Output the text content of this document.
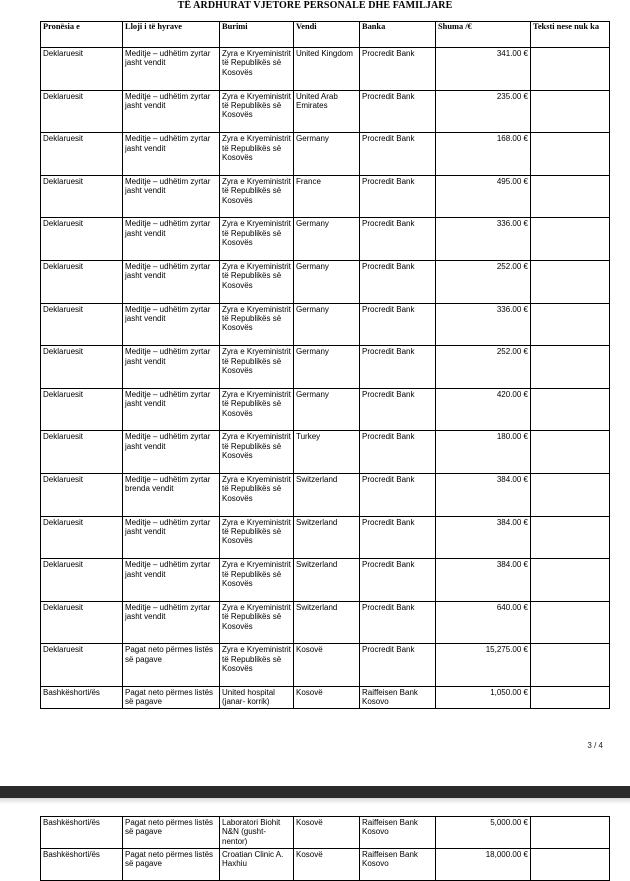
TË ARDHURAT VJETORE PERSONALE DHE FAMILJARE
Pronësia e	Lloji i të hyrave	Burimi	Vendi	Banka	Shuma /€	Teksti nese nuk ka
Deklaruesit	Meditje – udhëtim zyrtar jasht vendit	Zyra e Kryeministrit të Republikës së Kosovës	United Kingdom	Procredit Bank	341.00 €	
Deklaruesit	Meditje – udhëtim zyrtar jasht vendit	Zyra e Kryeministrit të Republikës së Kosovës	United Arab Emirates	Procredit Bank	235.00 €	
Deklaruesit	Meditje – udhëtim zyrtar jasht vendit	Zyra e Kryeministrit të Republikës së Kosovës	Germany	Procredit Bank	168.00 €	
Deklaruesit	Meditje – udhëtim zyrtar jasht vendit	Zyra e Kryeministrit të Republikës së Kosovës	France	Procredit Bank	495.00 €	
Deklaruesit	Meditje – udhëtim zyrtar jasht vendit	Zyra e Kryeministrit të Republikës së Kosovës	Germany	Procredit Bank	336.00 €	
Deklaruesit	Meditje – udhëtim zyrtar jasht vendit	Zyra e Kryeministrit të Republikës së Kosovës	Germany	Procredit Bank	252.00 €	
Deklaruesit	Meditje – udhëtim zyrtar jasht vendit	Zyra e Kryeministrit të Republikës së Kosovës	Germany	Procredit Bank	336.00 €	
Deklaruesit	Meditje – udhëtim zyrtar jasht vendit	Zyra e Kryeministrit të Republikës së Kosovës	Germany	Procredit Bank	252.00 €	
Deklaruesit	Meditje – udhëtim zyrtar jasht vendit	Zyra e Kryeministrit të Republikës së Kosovës	Germany	Procredit Bank	420.00 €	
Deklaruesit	Meditje – udhëtim zyrtar jasht vendit	Zyra e Kryeministrit të Republikës së Kosovës	Turkey	Procredit Bank	180.00 €	
Deklaruesit	Meditje – udhëtim zyrtar brenda vendit	Zyra e Kryeministrit të Republikës së Kosovës	Switzerland	Procredit Bank	384.00 €	
Deklaruesit	Meditje – udhëtim zyrtar jasht vendit	Zyra e Kryeministrit të Republikës së Kosovës	Switzerland	Procredit Bank	384.00 €	
Deklaruesit	Meditje – udhëtim zyrtar jasht vendit	Zyra e Kryeministrit të Republikës së Kosovës	Switzerland	Procredit Bank	384.00 €	
Deklaruesit	Meditje – udhëtim zyrtar jasht vendit	Zyra e Kryeministrit të Republikës së Kosovës	Switzerland	Procredit Bank	640.00 €	
Deklaruesit	Pagat neto përmes listës së pagave	Zyra e Kryeministrit të Republikës së Kosovës	Kosovë	Procredit Bank	15,275.00 €	
Bashkëshorti/ës	Pagat neto përmes listës së pagave	United hospital (janar- korrik)	Kosovë	Raiffeisen Bank Kosovo	1,050.00 €	
3 / 4
Bashkëshorti/ës	Pagat neto përmes listës së pagave	Laboratori Biohit N&N (gusht-nentor)	Kosovë	Raiffeisen Bank Kosovo	5,000.00 €	
Bashkëshorti/ës	Pagat neto përmes listës së pagave	Croatian Clinic A. Haxhiu	Kosovë	Raiffeisen Bank Kosovo	18,000.00 €	
